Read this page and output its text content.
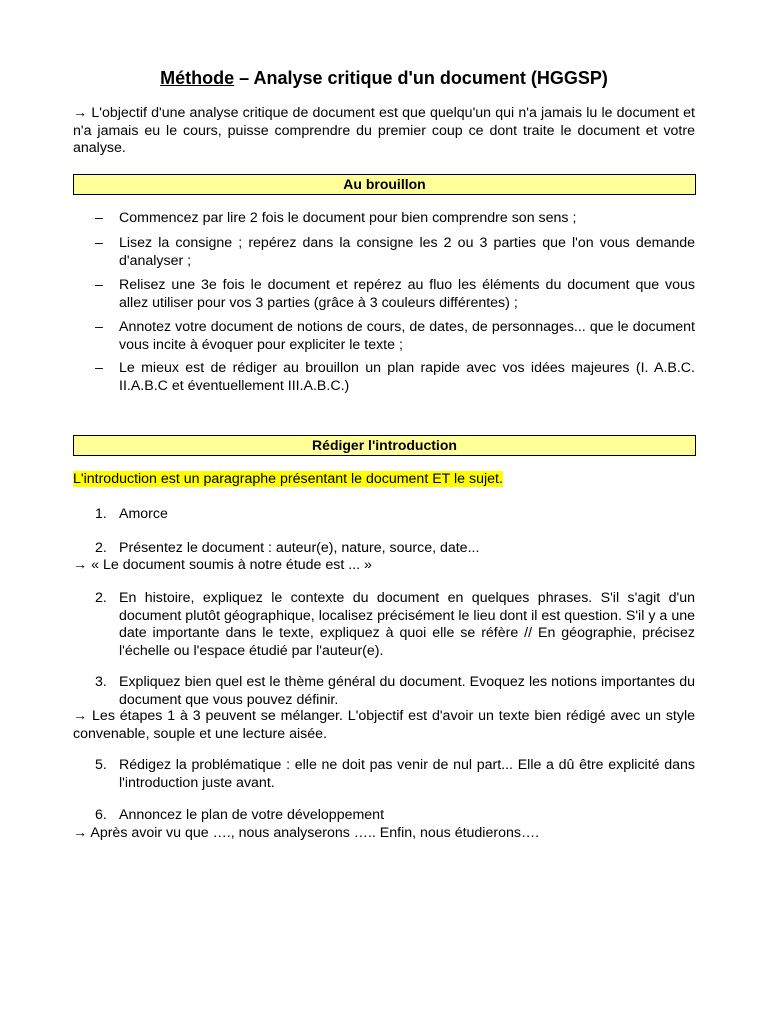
Méthode – Analyse critique d'un document (HGGSP)
→ L'objectif d'une analyse critique de document est que quelqu'un qui n'a jamais lu le document et n'a jamais eu le cours, puisse comprendre du premier coup ce dont traite le document et votre analyse.
Au brouillon
– Commencez par lire 2 fois le document pour bien comprendre son sens ;
– Lisez la consigne ; repérez dans la consigne les 2 ou 3 parties que l'on vous demande d'analyser ;
– Relisez une 3e fois le document et repérez au fluo les éléments du document que vous allez utiliser pour vos 3 parties (grâce à 3 couleurs différentes) ;
– Annotez votre document de notions de cours, de dates, de personnages... que le document vous incite à évoquer pour expliciter le texte ;
– Le mieux est de rédiger au brouillon un plan rapide avec vos idées majeures (I. A.B.C. II.A.B.C et éventuellement III.A.B.C.)
Rédiger l'introduction
L'introduction est un paragraphe présentant le document ET le sujet.
1. Amorce
2. Présentez le document : auteur(e), nature, source, date...
→ « Le document soumis à notre étude est ... »
2. En histoire, expliquez le contexte du document en quelques phrases. S'il s'agit d'un document plutôt géographique, localisez précisément le lieu dont il est question. S'il y a une date importante dans le texte, expliquez à quoi elle se réfère // En géographie, précisez l'échelle ou l'espace étudié par l'auteur(e).
3. Expliquez bien quel est le thème général du document. Evoquez les notions importantes du document que vous pouvez définir.
→ Les étapes 1 à 3 peuvent se mélanger. L'objectif est d'avoir un texte bien rédigé avec un style convenable, souple et une lecture aisée.
5. Rédigez la problématique : elle ne doit pas venir de nul part... Elle a dû être explicité dans l'introduction juste avant.
6. Annoncez le plan de votre développement
→ Après avoir vu que …., nous analyserons ….. Enfin, nous étudierons….
